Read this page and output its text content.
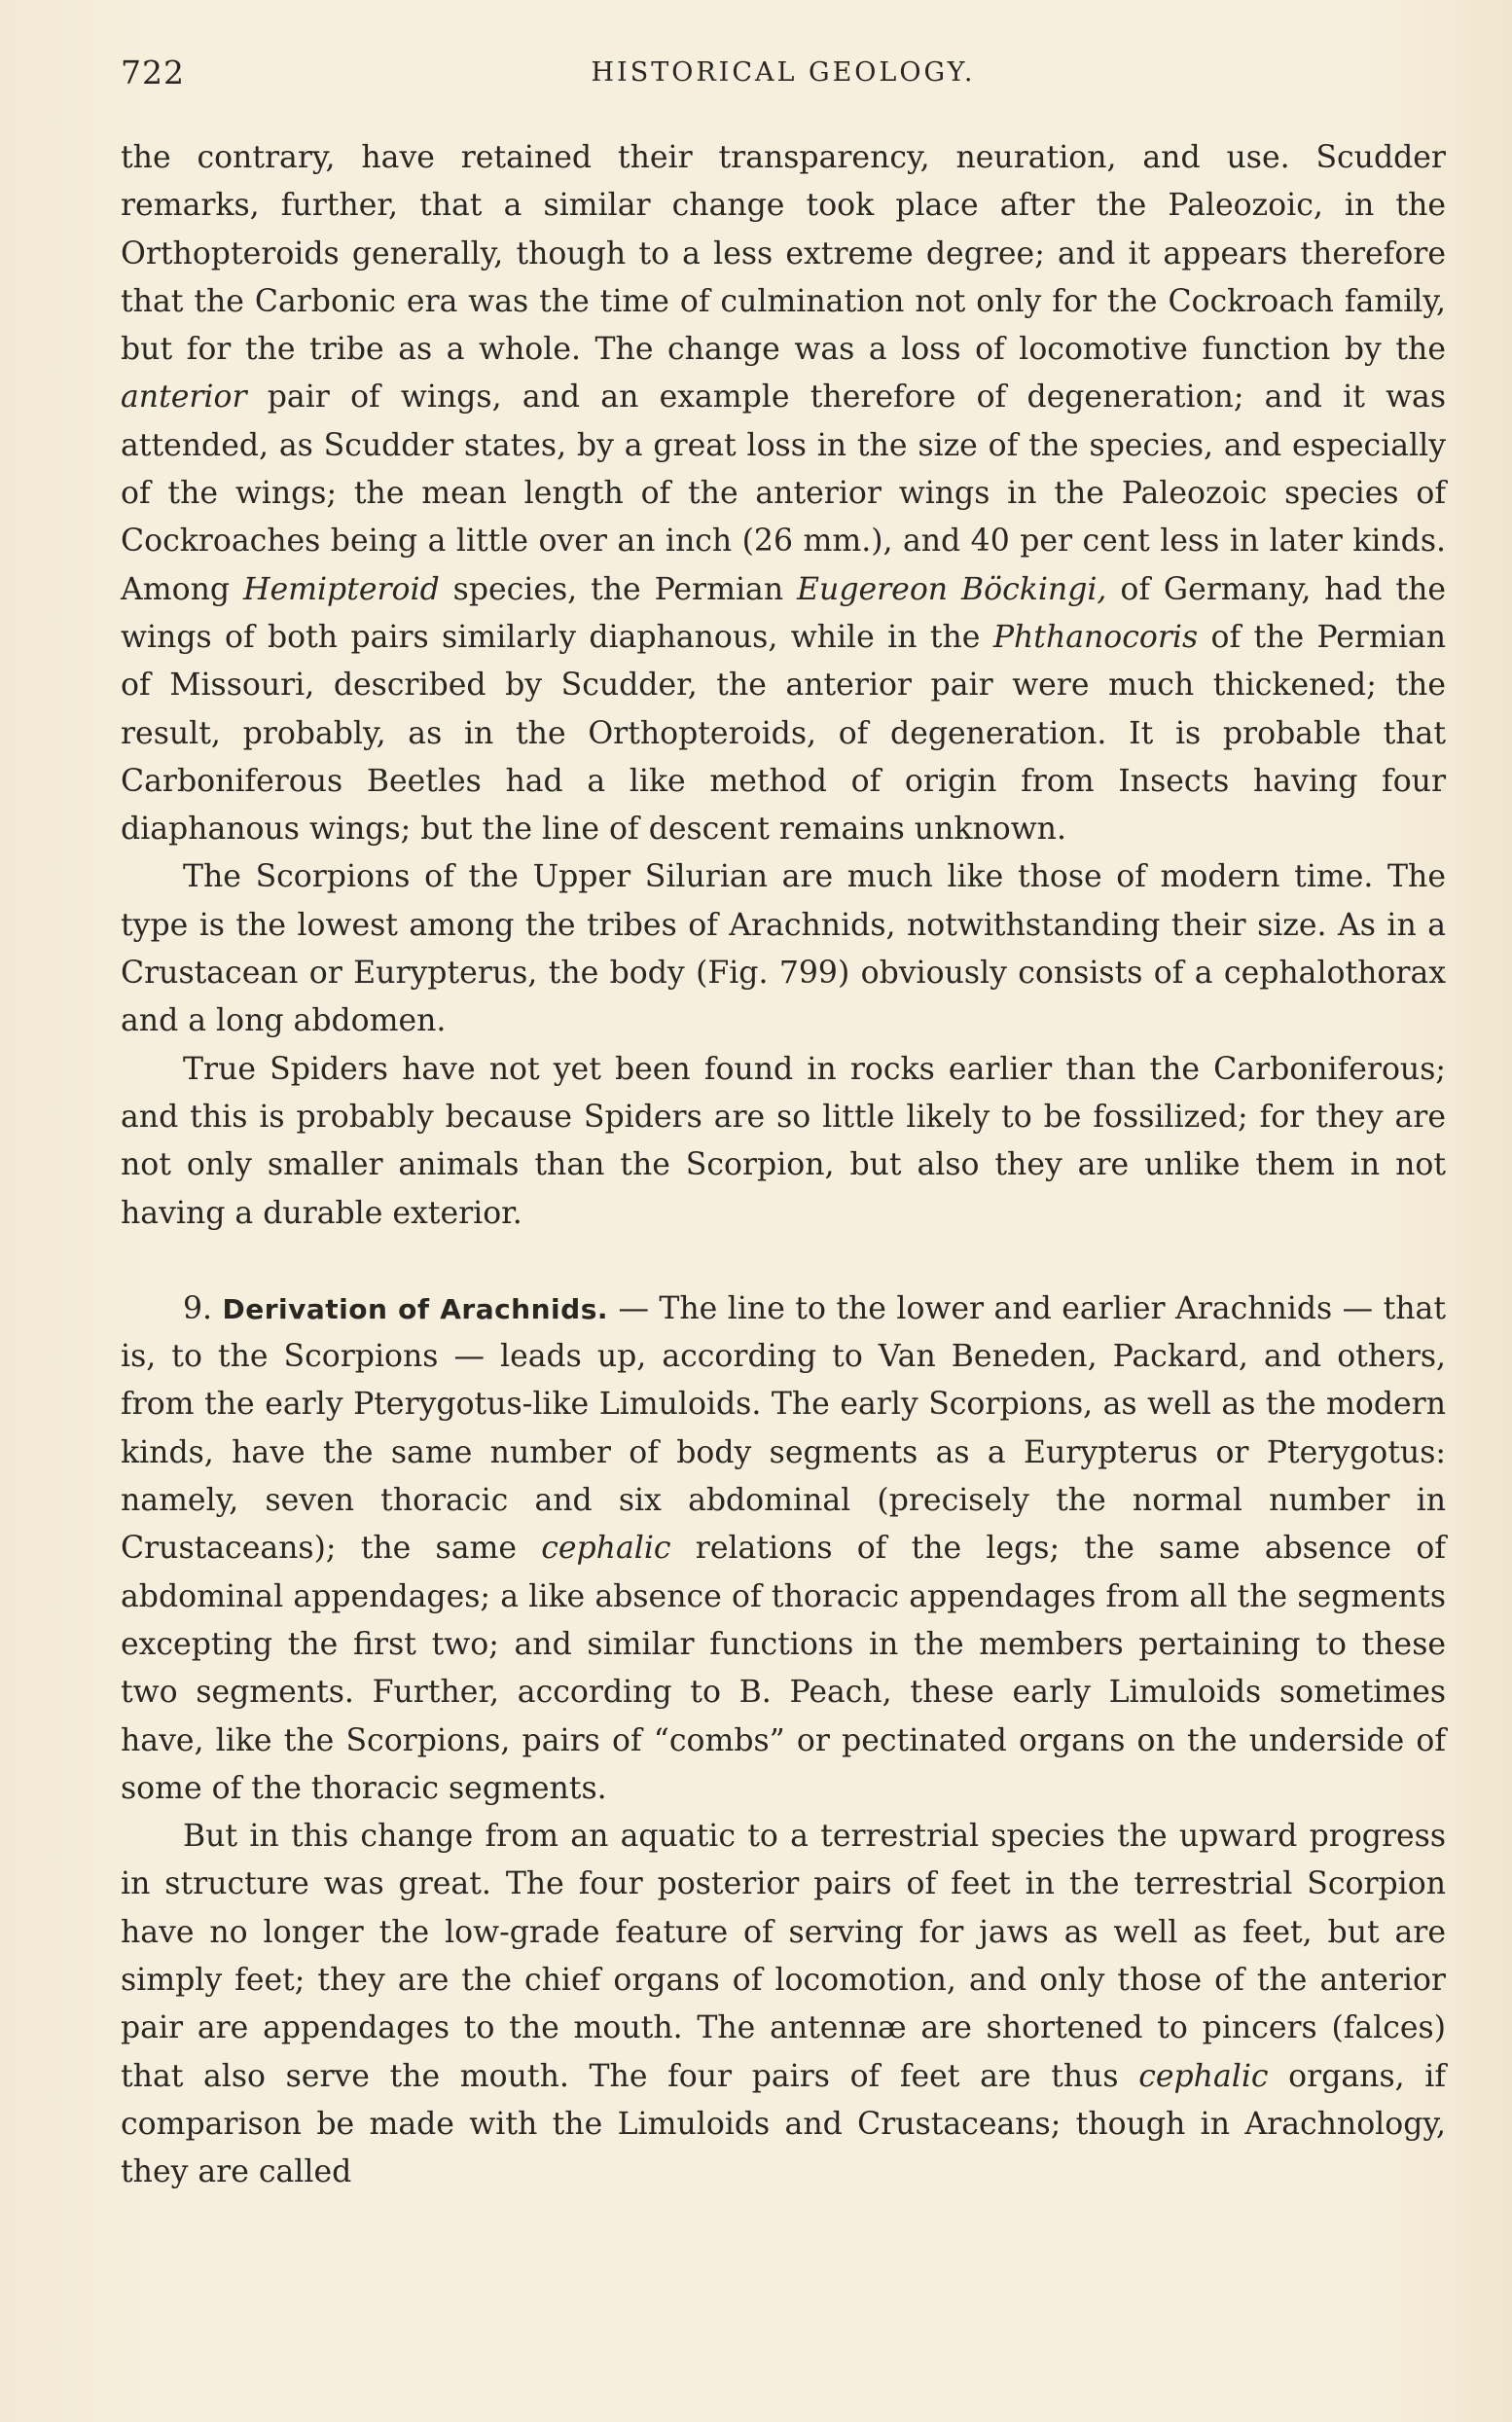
722	HISTORICAL GEOLOGY.

the contrary, have retained their transparency, neuration, and use. Scudder remarks, further, that a similar change took place after the Paleozoic, in the Orthopteroids generally, though to a less extreme degree; and it appears therefore that the Carbonic era was the time of culmination not only for the Cockroach family, but for the tribe as a whole. The change was a loss of locomotive function by the anterior pair of wings, and an example therefore of degeneration; and it was attended, as Scudder states, by a great loss in the size of the species, and especially of the wings; the mean length of the anterior wings in the Paleozoic species of Cockroaches being a little over an inch (26 mm.), and 40 per cent less in later kinds. Among Hemipteroid species, the Permian Eugereon Böckingi, of Germany, had the wings of both pairs similarly diaphanous, while in the Phthanocoris of the Permian of Missouri, described by Scudder, the anterior pair were much thickened; the result, probably, as in the Orthopteroids, of degeneration. It is probable that Carboniferous Beetles had a like method of origin from Insects having four diaphanous wings; but the line of descent remains unknown.

The Scorpions of the Upper Silurian are much like those of modern time. The type is the lowest among the tribes of Arachnids, notwithstanding their size. As in a Crustacean or Eurypterus, the body (Fig. 799) obviously consists of a cephalothorax and a long abdomen.

True Spiders have not yet been found in rocks earlier than the Carboniferous; and this is probably because Spiders are so little likely to be fossilized; for they are not only smaller animals than the Scorpion, but also they are unlike them in not having a durable exterior.

9. Derivation of Arachnids. — The line to the lower and earlier Arachnids — that is, to the Scorpions — leads up, according to Van Beneden, Packard, and others, from the early Pterygotus-like Limuloids. The early Scorpions, as well as the modern kinds, have the same number of body segments as a Eurypterus or Pterygotus: namely, seven thoracic and six abdominal (precisely the normal number in Crustaceans); the same cephalic relations of the legs; the same absence of abdominal appendages; a like absence of thoracic appendages from all the segments excepting the first two; and similar functions in the members pertaining to these two segments. Further, according to B. Peach, these early Limuloids sometimes have, like the Scorpions, pairs of “combs” or pectinated organs on the underside of some of the thoracic segments.

But in this change from an aquatic to a terrestrial species the upward progress in structure was great. The four posterior pairs of feet in the terrestrial Scorpion have no longer the low-grade feature of serving for jaws as well as feet, but are simply feet; they are the chief organs of locomotion, and only those of the anterior pair are appendages to the mouth. The antennæ are shortened to pincers (falces) that also serve the mouth. The four pairs of feet are thus cephalic organs, if comparison be made with the Limuloids and Crustaceans; though in Arachnology, they are called
